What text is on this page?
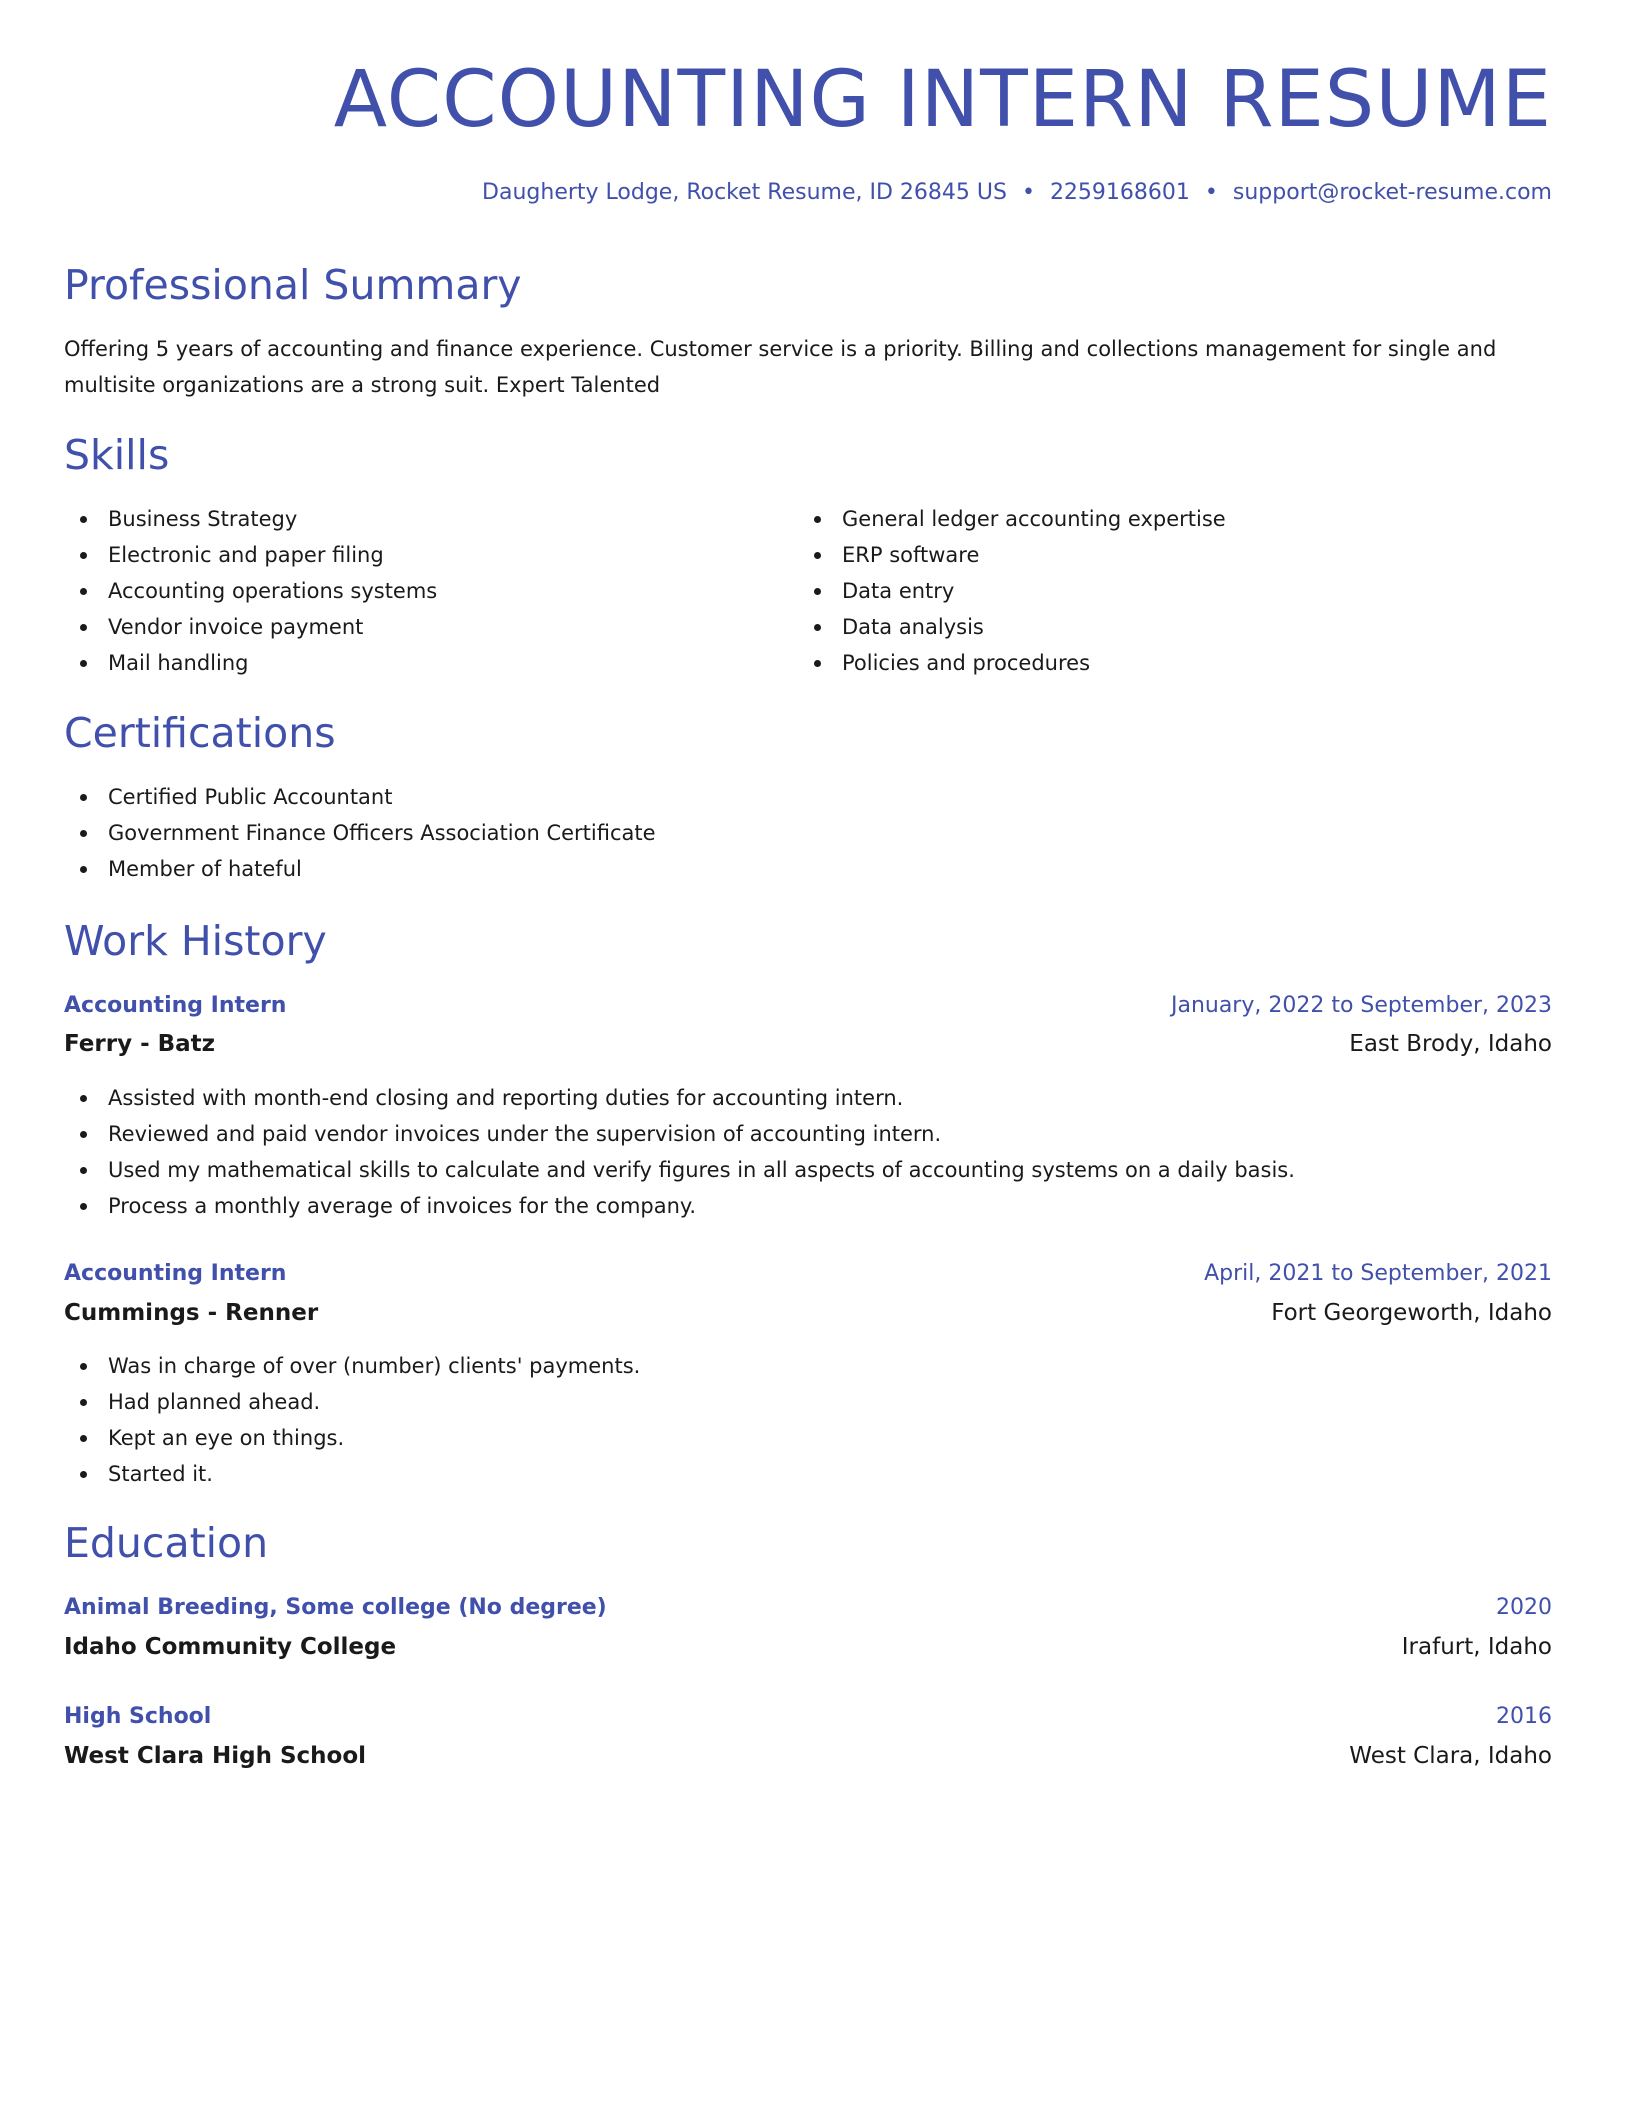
ACCOUNTING INTERN RESUME
Daugherty Lodge, Rocket Resume, ID 26845 US • 2259168601 • support@rocket-resume.com
Professional Summary

Offering 5 years of accounting and finance experience. Customer service is a priority. Billing and collections management for single and multisite organizations are a strong suit. Expert Talented

Skills
Business Strategy
Electronic and paper filing
Accounting operations systems
Vendor invoice payment
Mail handling
General ledger accounting expertise
ERP software
Data entry
Data analysis
Policies and procedures
Certifications
Certified Public Accountant
Government Finance Officers Association Certificate
Member of hateful
Work History
Accounting Intern	January, 2022 to September, 2023
Ferry - Batz	East Brody, Idaho
Assisted with month-end closing and reporting duties for accounting intern.
Reviewed and paid vendor invoices under the supervision of accounting intern.
Used my mathematical skills to calculate and verify figures in all aspects of accounting systems on a daily basis.
Process a monthly average of invoices for the company.
Accounting Intern	April, 2021 to September, 2021
Cummings - Renner	Fort Georgeworth, Idaho
Was in charge of over (number) clients' payments.
Had planned ahead.
Kept an eye on things.
Started it.
Education
Animal Breeding, Some college (No degree)	2020
Idaho Community College	Irafurt, Idaho
High School	2016
West Clara High School	West Clara, Idaho
